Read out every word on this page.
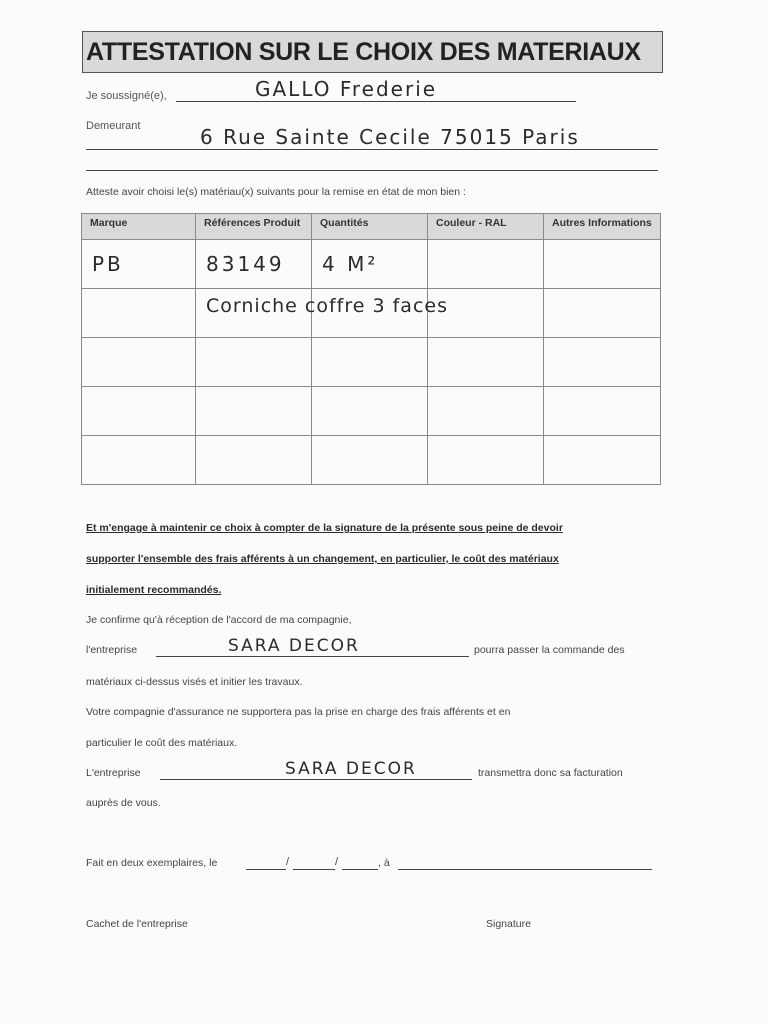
ATTESTATION SUR LE CHOIX DES MATERIAUX
Je soussigné(e),	GALLO Frederie
Demeurant	6 Rue Sainte Cecile 75015 Paris
Atteste avoir choisi le(s) matériau(x) suivants pour la remise en état de mon bien :
Marque	Références Produit	Quantités	Couleur - RAL	Autres Informations
PB	83149	4 M²		

	Corniche coffre 3 faces			

Et m'engage à maintenir ce choix à compter de la signature de la présente sous peine de devoir
supporter l'ensemble des frais afférents à un changement, en particulier, le coût des matériaux
initialement recommandés.
Je confirme qu'à réception de l'accord de ma compagnie,
l'entreprise	SARA DECOR	pourra passer la commande des
matériaux ci-dessus visés et initier les travaux.
Votre compagnie d'assurance ne supportera pas la prise en charge des frais afférents et en
particulier le coût des matériaux.
L'entreprise	SARA DECOR	transmettra donc sa facturation
auprès de vous.
Fait en deux exemplaires, le	/	/	, à
Cachet de l'entreprise	Signature
